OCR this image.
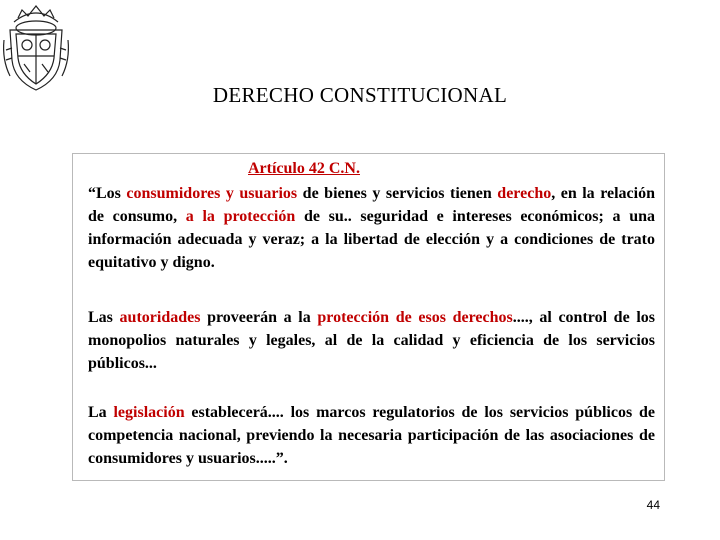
DERECHO CONSTITUCIONAL
Artículo 42 C.N.

“Los consumidores y usuarios de bienes y servicios tienen derecho, en la relación de consumo, a la protección de su.. seguridad e intereses económicos; a una información adecuada y veraz; a la libertad de elección y a condiciones de trato equitativo y digno.

Las autoridades proveerán a la protección de esos derechos...., al control de los monopolios naturales y legales, al de la calidad y eficiencia de los servicios públicos...

La legislación establecerá.... los marcos regulatorios de los servicios públicos de competencia nacional, previendo la necesaria participación de las asociaciones de consumidores y usuarios.....”.

44
